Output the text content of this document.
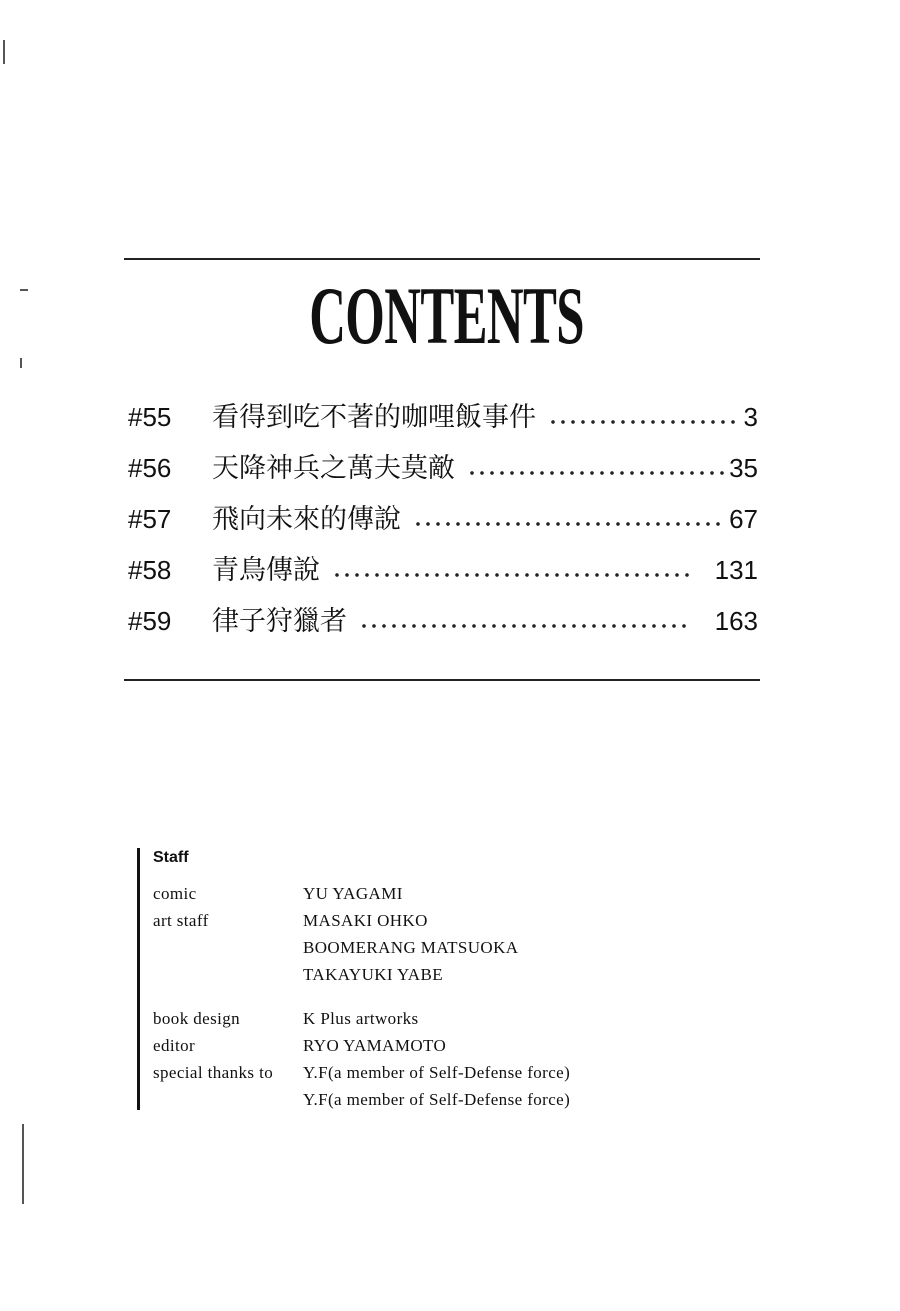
CONTENTS
#55	看得到吃不著的咖哩飯事件	3
#56	天降神兵之萬夫莫敵	35
#57	飛向未來的傳說	67
#58	青鳥傳說	131
#59	律子狩獵者	163
Staff
comic	YU YAGAMI
art staff	MASAKI OHKO
BOOMERANG MATSUOKA
TAKAYUKI YABE
book design	K Plus artworks
editor	RYO YAMAMOTO
special thanks to	Y.F(a member of Self-Defense force)
Y.F(a member of Self-Defense force)
